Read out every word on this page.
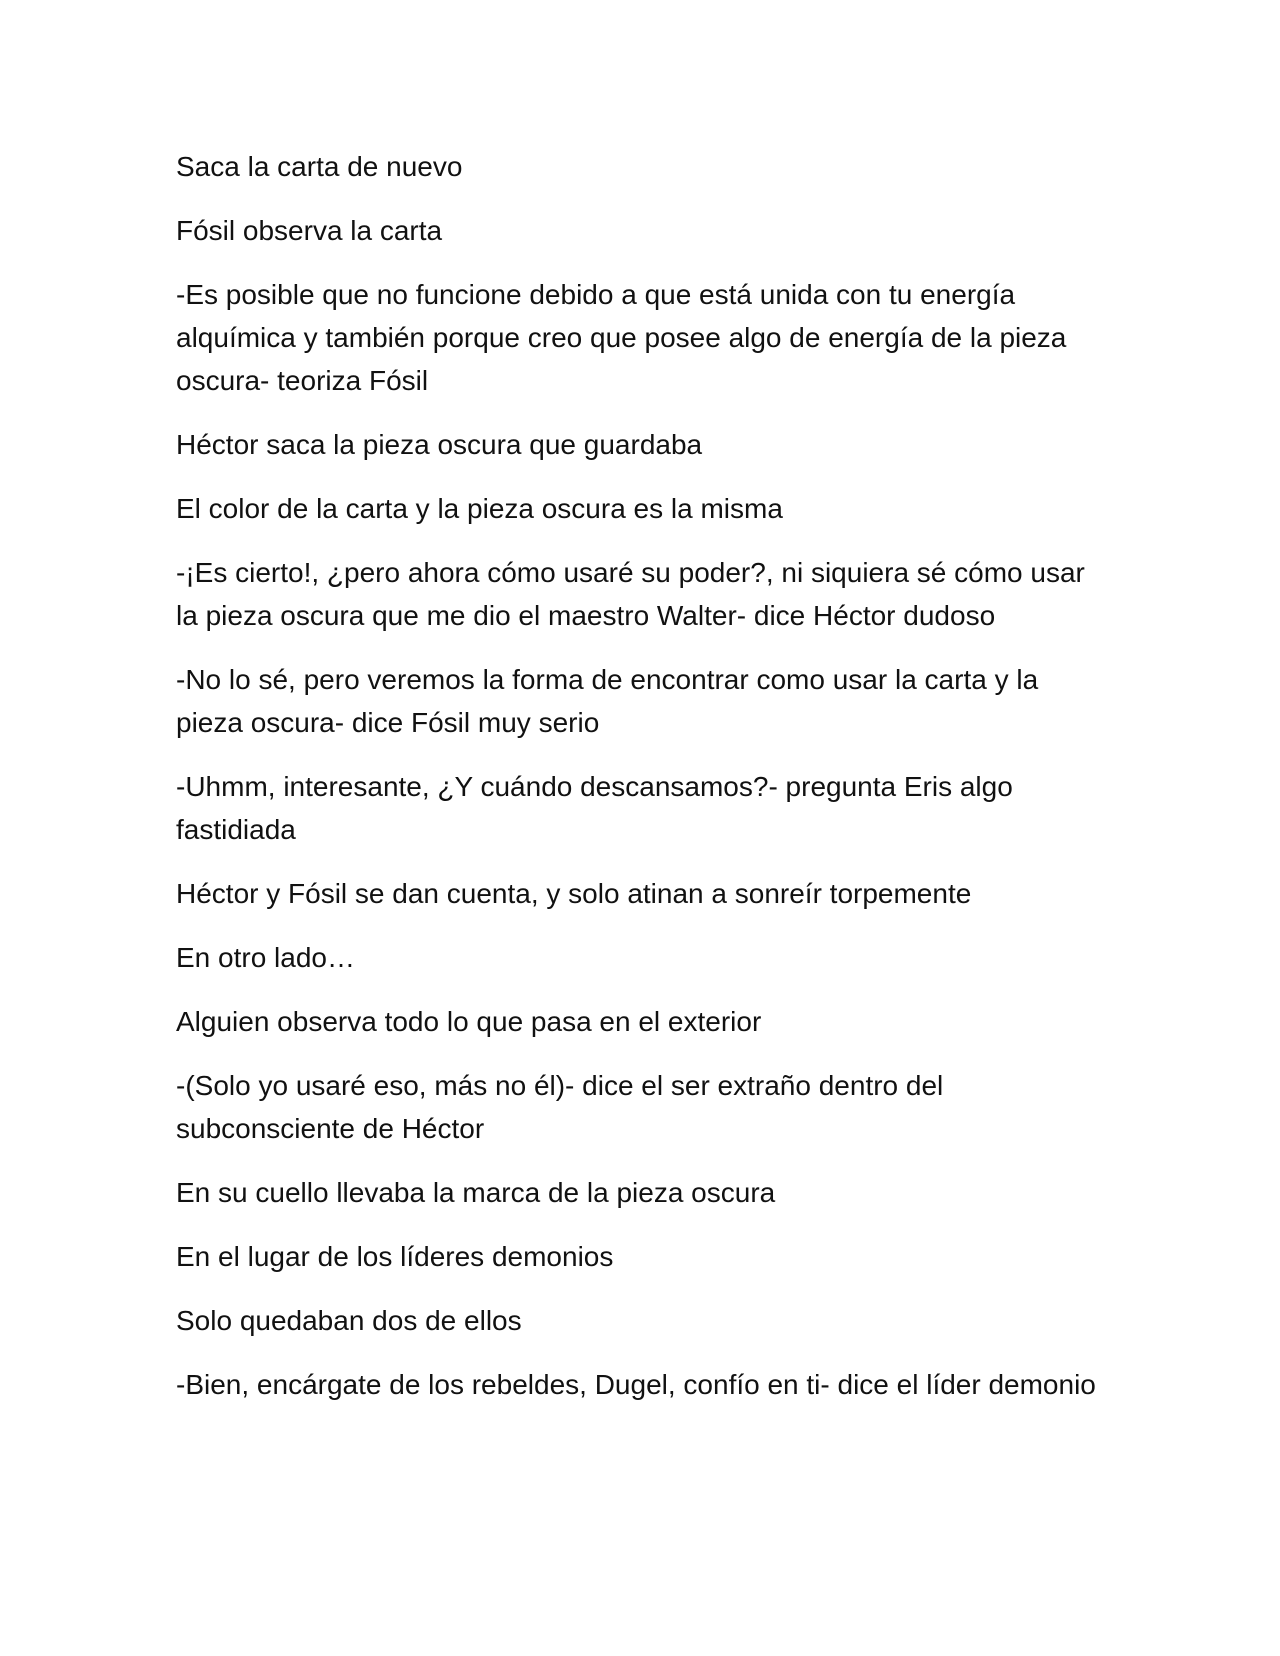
Saca la carta de nuevo

Fósil observa la carta

-Es posible que no funcione debido a que está unida con tu energía alquímica y también porque creo que posee algo de energía de la pieza oscura- teoriza Fósil

Héctor saca la pieza oscura que guardaba

El color de la carta y la pieza oscura es la misma

-¡Es cierto!, ¿pero ahora cómo usaré su poder?, ni siquiera sé cómo usar la pieza oscura que me dio el maestro Walter- dice Héctor dudoso

-No lo sé, pero veremos la forma de encontrar como usar la carta y la pieza oscura- dice Fósil muy serio

-Uhmm, interesante, ¿Y cuándo descansamos?- pregunta Eris algo fastidiada

Héctor y Fósil se dan cuenta, y solo atinan a sonreír torpemente

En otro lado…

Alguien observa todo lo que pasa en el exterior

-(Solo yo usaré eso, más no él)- dice el ser extraño dentro del subconsciente de Héctor

En su cuello llevaba la marca de la pieza oscura

En el lugar de los líderes demonios

Solo quedaban dos de ellos

-Bien, encárgate de los rebeldes, Dugel, confío en ti- dice el líder demonio
